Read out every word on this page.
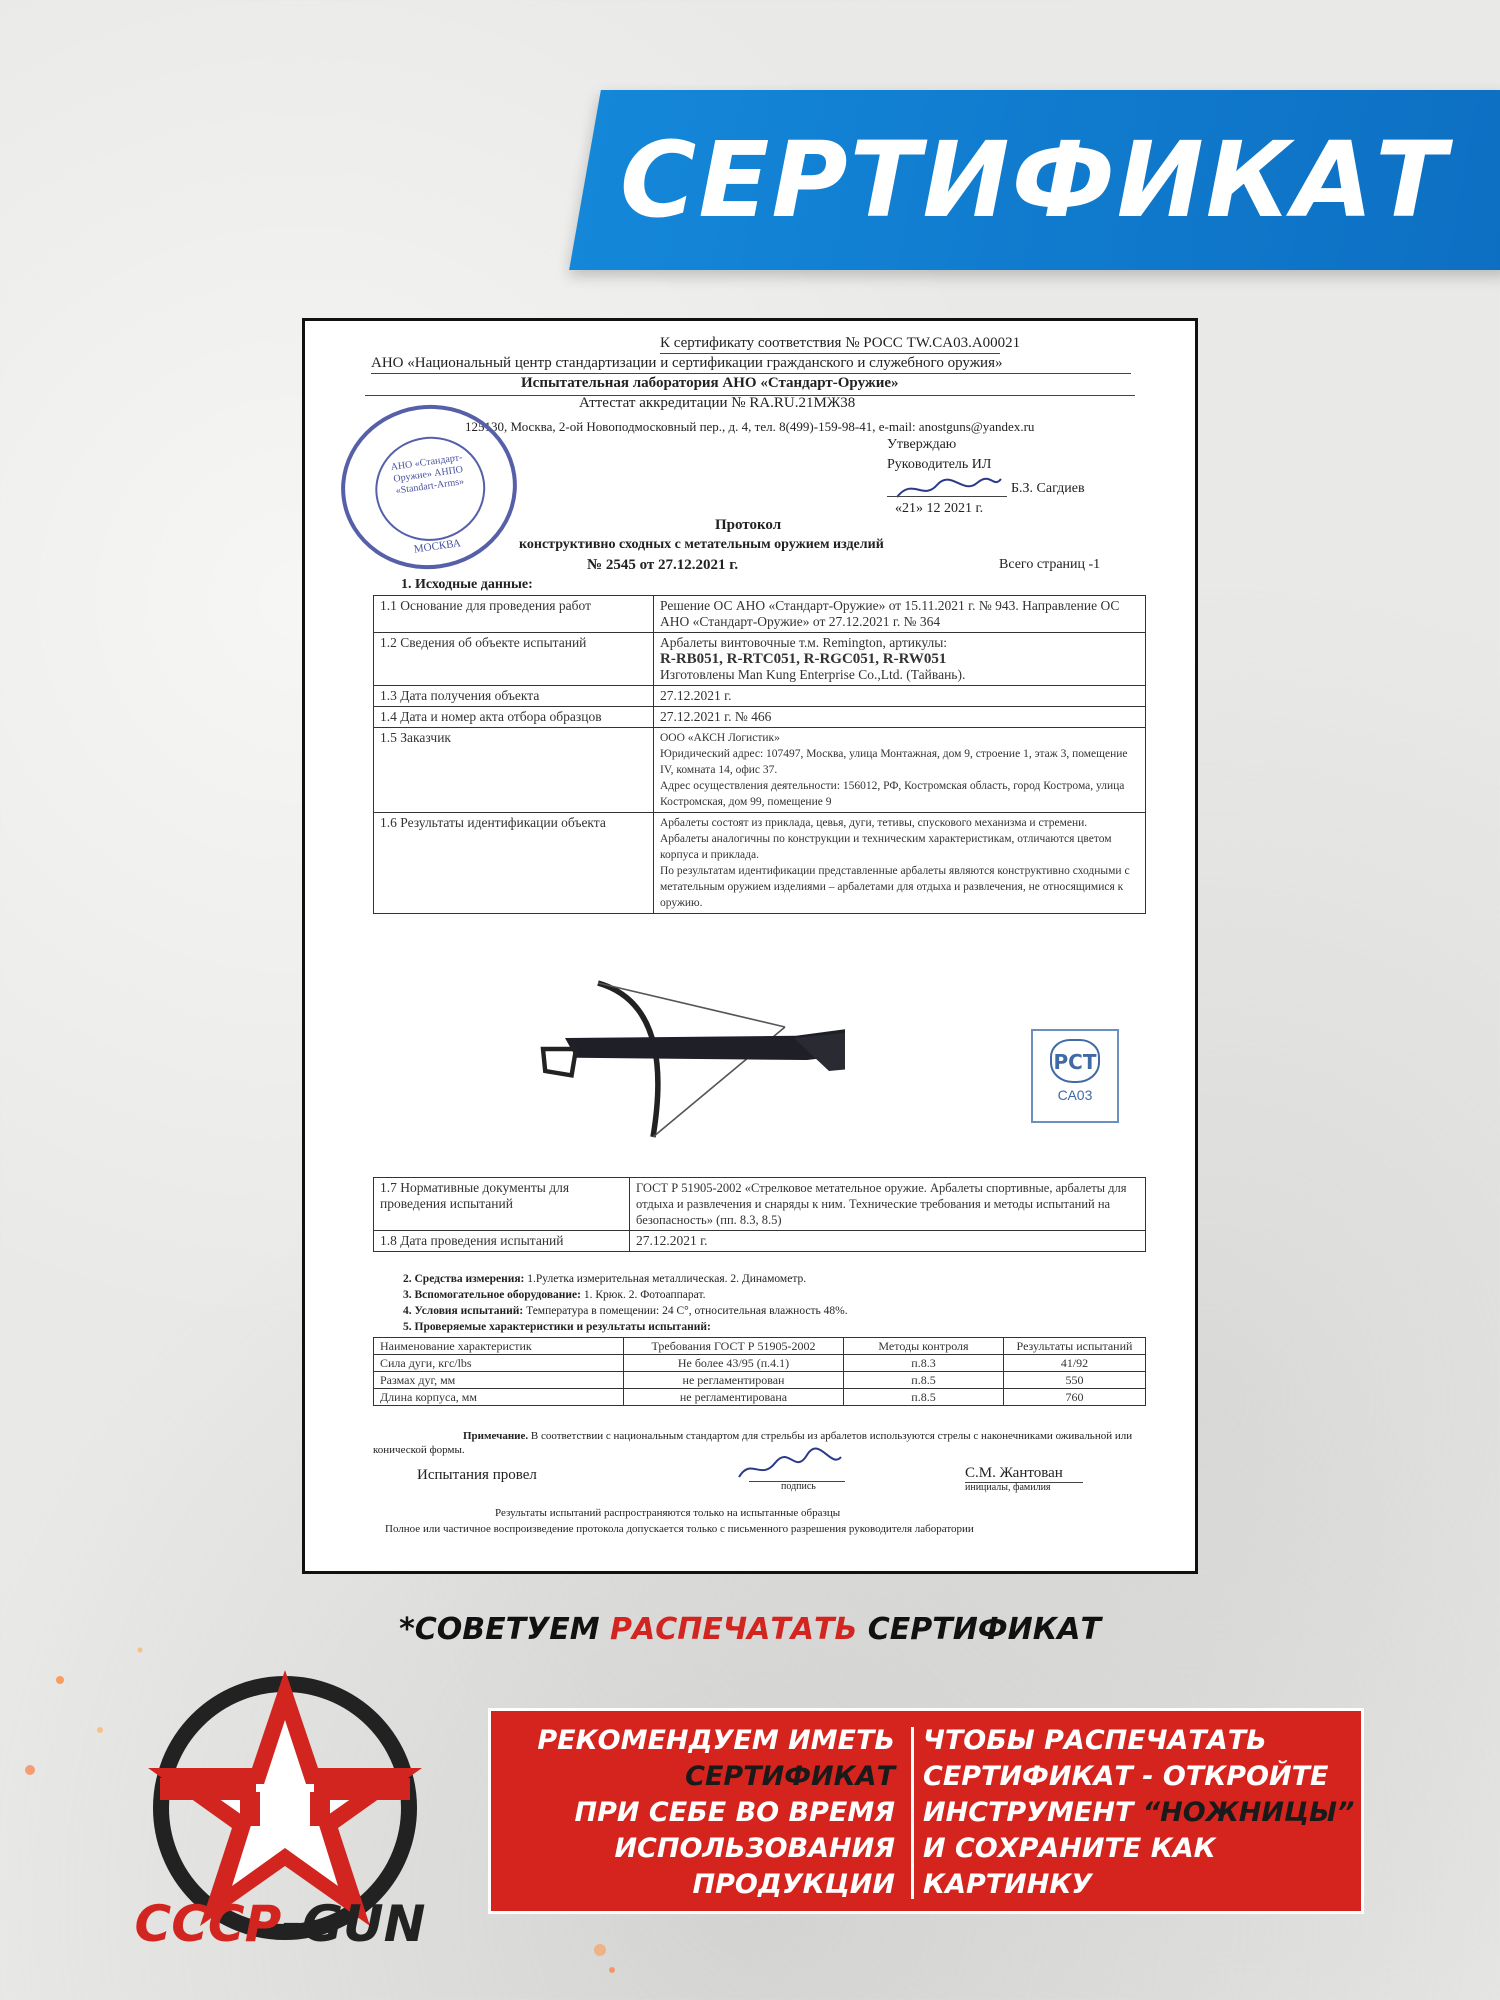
СЕРТИФИКАТ
К сертификату соответствия № РОСС TW.CA03.A00021
АНО «Национальный центр стандартизации и сертификации гражданского и служебного оружия»
Испытательная лаборатория АНО «Стандарт-Оружие»
Аттестат аккредитации № RA.RU.21МЖ38
125130, Москва, 2-ой Новоподмосковный пер., д. 4, тел. 8(499)-159-98-41, e-mail: anostguns@yandex.ru
АНО «Стандарт-Оружие» АНПО «Standart-Arms»
МОСКВА
Утверждаю
Руководитель ИЛ
Б.З. Сагдиев
«21» 12 2021 г.
Протокол
конструктивно сходных с метательным оружием изделий
№ 2545 от 27.12.2021 г.	Всего страниц -1
1. Исходные данные:
1.1 Основание для проведения работ	Решение ОС АНО «Стандарт-Оружие» от 15.11.2021 г. № 943. Направление ОС АНО «Стандарт-Оружие» от 27.12.2021 г. № 364
1.2 Сведения об объекте испытаний	Арбалеты винтовочные т.м. Remington, артикулы:
R-RB051, R-RTC051, R-RGC051, R-RW051
Изготовлены Man Kung Enterprise Co.,Ltd. (Тайвань).

1.3 Дата получения объекта	27.12.2021 г.
1.4 Дата и номер акта отбора образцов	27.12.2021 г. № 466
1.5 Заказчик	ООО «АКСН Логистик»
Юридический адрес: 107497, Москва, улица Монтажная, дом 9, строение 1, этаж 3, помещение IV, комната 14, офис 37.
Адрес осуществления деятельности: 156012, РФ, Костромская область, город Кострома, улица Костромская, дом 99, помещение 9

1.6 Результаты идентификации объекта	Арбалеты состоят из приклада, цевья, дуги, тетивы, спускового механизма и стремени.
Арбалеты аналогичны по конструкции и техническим характеристикам, отличаются цветом корпуса и приклада.
По результатам идентификации представленные арбалеты являются конструктивно сходными с метательным оружием изделиями – арбалетами для отдыха и развлечения, не относящимися к оружию.
РСТ
СА03
1.7 Нормативные документы для проведения испытаний	ГОСТ Р 51905-2002 «Стрелковое метательное оружие. Арбалеты спортивные, арбалеты для отдыха и развлечения и снаряды к ним. Технические требования и методы испытаний на безопасность» (пп. 8.3, 8.5)
1.8 Дата проведения испытаний	27.12.2021 г.
2. Средства измерения: 1.Рулетка измерительная металлическая. 2. Динамометр.
3. Вспомогательное оборудование: 1. Крюк. 2. Фотоаппарат.
4. Условия испытаний: Температура в помещении: 24 С°, относительная влажность 48%.
5. Проверяемые характеристики и результаты испытаний:
Наименование характеристик	Требования ГОСТ Р 51905-2002	Методы контроля	Результаты испытаний
Сила дуги, кгс/lbs	Не более 43/95 (п.4.1)	п.8.3	41/92
Размах дуг, мм	не регламентирован	п.8.5	550
Длина корпуса, мм	не регламентирована	п.8.5	760
Примечание. В соответствии с национальным стандартом для стрельбы из арбалетов используются стрелы с наконечниками оживальной или конической формы.
Испытания провел
подпись
С.М. Жантован
инициалы, фамилия
Результаты испытаний распространяются только на испытанные образцы
Полное или частичное воспроизведение протокола допускается только с письменного разрешения руководителя лаборатории
*СОВЕТУЕМ РАСПЕЧАТАТЬ СЕРТИФИКАТ
СССР-GUN
РЕКОМЕНДУЕМ ИМЕТЬ
СЕРТИФИКАТ
ПРИ СЕБЕ ВО ВРЕМЯ
ИСПОЛЬЗОВАНИЯ
ПРОДУКЦИИ
ЧТОБЫ РАСПЕЧАТАТЬ
СЕРТИФИКАТ - ОТКРОЙТЕ
ИНСТРУМЕНТ “НОЖНИЦЫ”
И СОХРАНИТЕ КАК
КАРТИНКУ
